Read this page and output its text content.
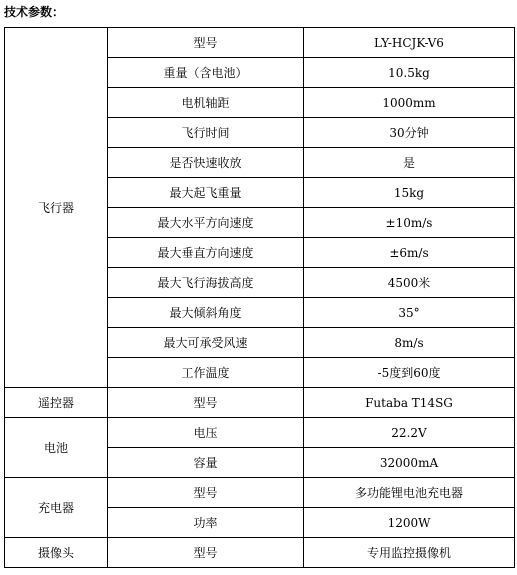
技术参数：
飞行器	型号	LY-HCJK-V6
	重量（含电池）	10.5kg
	电机轴距	1000mm
	飞行时间	30分钟
	是否快速收放	是
	最大起飞重量	15kg
	最大水平方向速度	±10m/s
	最大垂直方向速度	±6m/s
	最大飞行海拔高度	4500米
	最大倾斜角度	35°
	最大可承受风速	8m/s
	工作温度	-5度到60度
遥控器	型号	Futaba T14SG
电池	电压	22.2V
	容量	32000mA
充电器	型号	多功能锂电池充电器
	功率	1200W
摄像头	型号	专用监控摄像机
